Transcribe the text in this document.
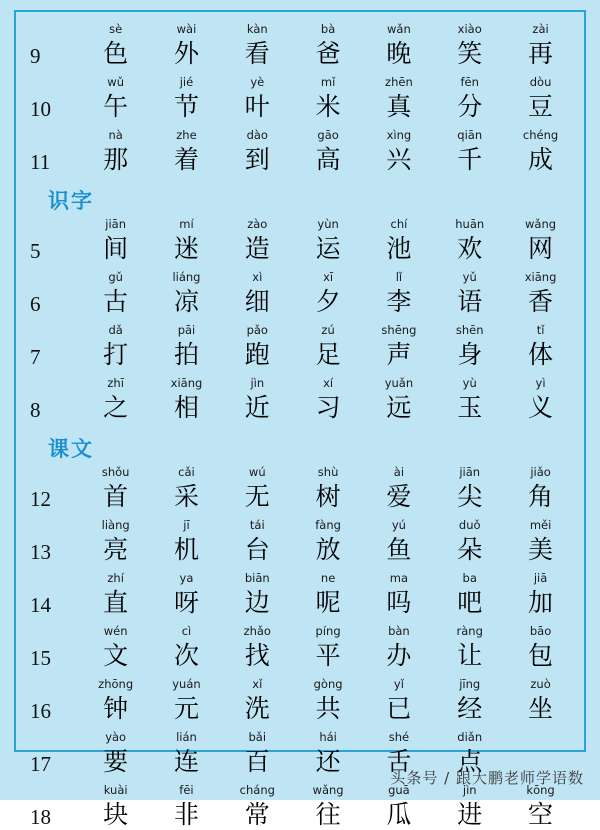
9	sè	wài	kàn	bà	wǎn	xiào	zài
	色	外	看	爸	晚	笑	再

10	wǔ	jié	yè	mǐ	zhēn	fēn	dòu
	午	节	叶	米	真	分	豆

11	nà	zhe	dào	gāo	xìng	qiān	chéng
	那	着	到	高	兴	千	成
识字
5	jiān	mí	zào	yùn	chí	huān	wǎng
	间	迷	造	运	池	欢	网

6	gǔ	liáng	xì	xī	lǐ	yǔ	xiāng
	古	凉	细	夕	李	语	香

7	dǎ	pāi	pǎo	zú	shēng	shēn	tǐ
	打	拍	跑	足	声	身	体

8	zhī	xiāng	jìn	xí	yuǎn	yù	yì
	之	相	近	习	远	玉	义
课文
12	shǒu	cǎi	wú	shù	ài	jiān	jiǎo
	首	采	无	树	爱	尖	角

13	liàng	jī	tái	fàng	yú	duǒ	měi
	亮	机	台	放	鱼	朵	美

14	zhí	ya	biān	ne	ma	ba	jiā
	直	呀	边	呢	吗	吧	加

15	wén	cì	zhǎo	píng	bàn	ràng	bāo
	文	次	找	平	办	让	包

16	zhōng	yuán	xǐ	gòng	yǐ	jīng	zuò
	钟	元	洗	共	已	经	坐

17	yào	lián	bǎi	hái	shé	diǎn	
	要	连	百	还	舌	点	

18	kuài	fēi	cháng	wǎng	guā	jìn	kōng
	块	非	常	往	瓜	进	空
头条号 / 跟大鹏老师学语数
